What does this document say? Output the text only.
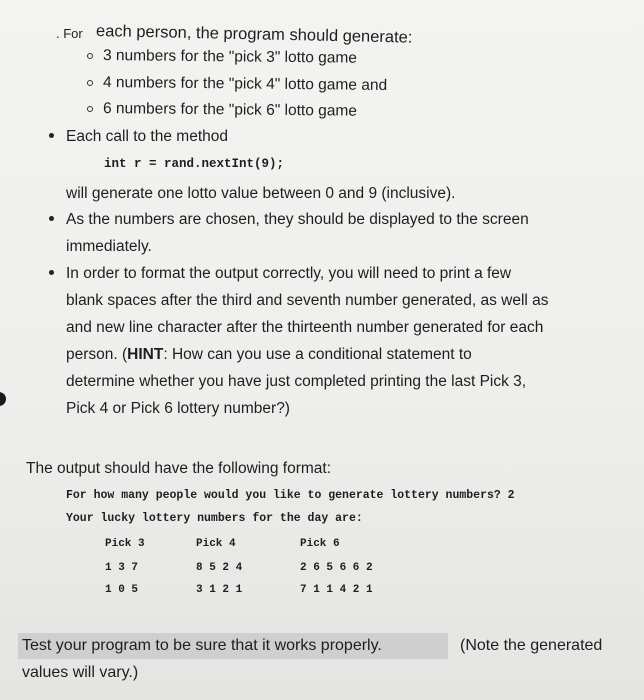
. For each person, the program should generate:
3 numbers for the "pick 3" lotto game
4 numbers for the "pick 4" lotto game and
6 numbers for the "pick 6" lotto game
Each call to the method
int r = rand.nextInt(9);
will generate one lotto value between 0 and 9 (inclusive).
As the numbers are chosen, they should be displayed to the screen
immediately.
In order to format the output correctly, you will need to print a few
blank spaces after the third and seventh number generated, as well as
and new line character after the thirteenth number generated for each
person. (HINT: How can you use a conditional statement to
determine whether you have just completed printing the last Pick 3,
Pick 4 or Pick 6 lottery number?)
The output should have the following format:
For how many people would you like to generate lottery numbers? 2
Your lucky lottery numbers for the day are:
Pick 3	Pick 4	Pick 6
1 3 7	8 5 2 4	2 6 5 6 6 2
1 0 5	3 1 2 1	7 1 1 4 2 1
Test your program to be sure that it works properly.	(Note the generated
values will vary.)
